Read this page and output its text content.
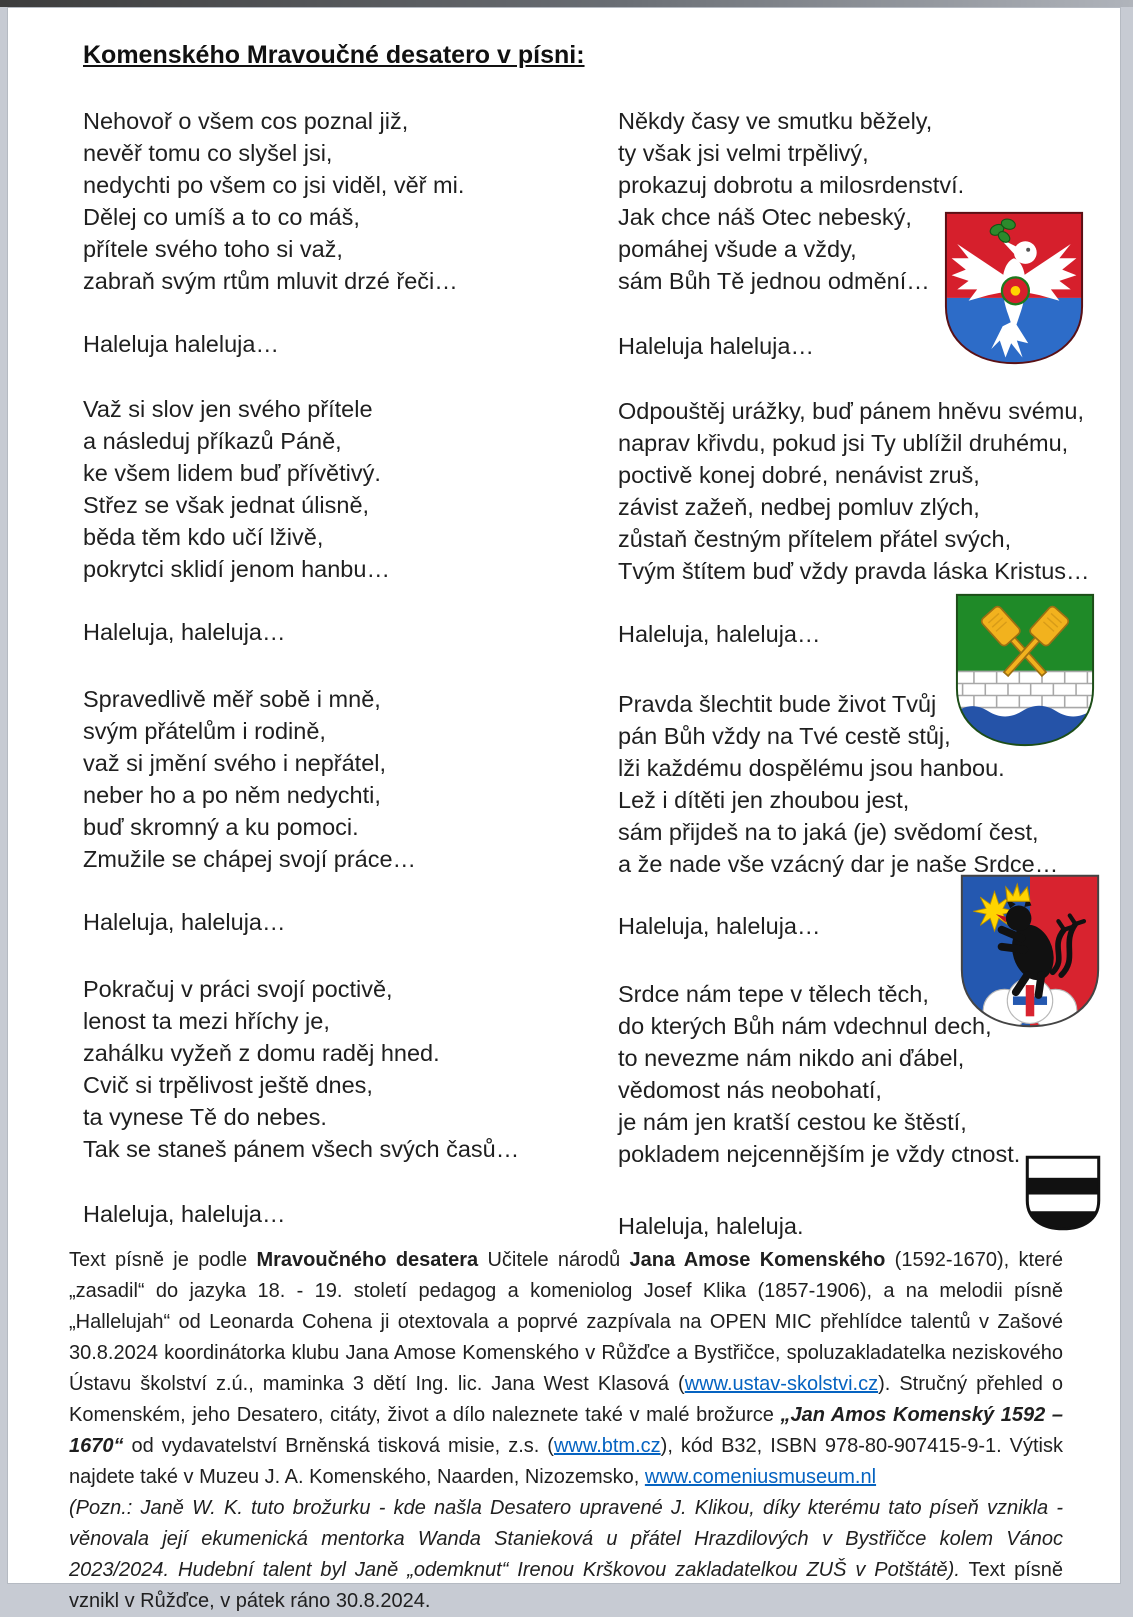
Komenského Mravoučné desatero v písni:
Nehovoř o všem cos poznal již,
nevěř tomu co slyšel jsi,
nedychti po všem co jsi viděl, věř mi.
Dělej co umíš a to co máš,
přítele svého toho si važ,
zabraň svým rtům mluvit drzé řeči…
Haleluja haleluja…
Važ si slov jen svého přítele
a následuj příkazů Páně,
ke všem lidem buď přívětivý.
Střez se však jednat úlisně,
běda těm kdo učí lživě,
pokrytci sklidí jenom hanbu…
Haleluja, haleluja…
Spravedlivě měř sobě i mně,
svým přátelům i rodině,
važ si jmění svého i nepřátel,
neber ho a po něm nedychti,
buď skromný a ku pomoci.
Zmužile se chápej svojí práce…
Haleluja, haleluja…
Pokračuj v práci svojí poctivě,
lenost ta mezi hříchy je,
zahálku vyžeň z domu raděj hned.
Cvič si trpělivost ještě dnes,
ta vynese Tě do nebes.
Tak se staneš pánem všech svých časů…
Haleluja, haleluja…
Někdy časy ve smutku běžely,
ty však jsi velmi trpělivý,
prokazuj dobrotu a milosrdenství.
Jak chce náš Otec nebeský,
pomáhej všude a vždy,
sám Bůh Tě jednou odmění…
Haleluja haleluja…
Odpouštěj urážky, buď pánem hněvu svému,
naprav křivdu, pokud jsi Ty ublížil druhému,
poctivě konej dobré, nenávist zruš,
závist zažeň, nedbej pomluv zlých,
zůstaň čestným přítelem přátel svých,
Tvým štítem buď vždy pravda láska Kristus…
Haleluja, haleluja…
Pravda šlechtit bude život Tvůj
pán Bůh vždy na Tvé cestě stůj,
lži každému dospělému jsou hanbou.
Lež i dítěti jen zhoubou jest,
sám přijdeš na to jaká (je) svědomí čest,
a že nade vše vzácný dar je naše Srdce…
Haleluja, haleluja…
Srdce nám tepe v tělech těch,
do kterých Bůh nám vdechnul dech,
to nevezme nám nikdo ani ďábel,
vědomost nás neobohatí,
je nám jen kratší cestou ke štěstí,
pokladem nejcennějším je vždy ctnost.
Haleluja, haleluja.

Text písně je podle Mravoučného desatera Učitele národů Jana Amose Komenského (1592-1670), které „zasadil“ do jazyka 18. - 19. století pedagog a komeniolog Josef Klika (1857-1906), a na melodii písně „Hallelujah“ od Leonarda Cohena ji otextovala a poprvé zazpívala na OPEN MIC přehlídce talentů v Zašové 30.8.2024 koordinátorka klubu Jana Amose Komenského v Růžďce a Bystřičce, spoluzakladatelka neziskového Ústavu školství z.ú., maminka 3 dětí Ing. lic. Jana West Klasová (www.ustav-skolstvi.cz). Stručný přehled o Komenském, jeho Desatero, citáty, život a dílo naleznete také v malé brožurce „Jan Amos Komenský 1592 – 1670“ od vydavatelství Brněnská tisková misie, z.s. (www.btm.cz), kód B32, ISBN 978-80-907415-9-1. Výtisk najdete také v Muzeu J. A. Komenského, Naarden, Nizozemsko, www.comeniusmuseum.nl

(Pozn.: Janě W. K. tuto brožurku - kde našla Desatero upravené J. Klikou, díky kterému tato píseň vznikla - věnovala její ekumenická mentorka Wanda Stanieková u přátel Hrazdilových v Bystřičce kolem Vánoc 2023/2024. Hudební talent byl Janě „odemknut“ Irenou Krškovou zakladatelkou ZUŠ v Potštátě). Text písně vznikl v Růžďce, v pátek ráno 30.8.2024.
